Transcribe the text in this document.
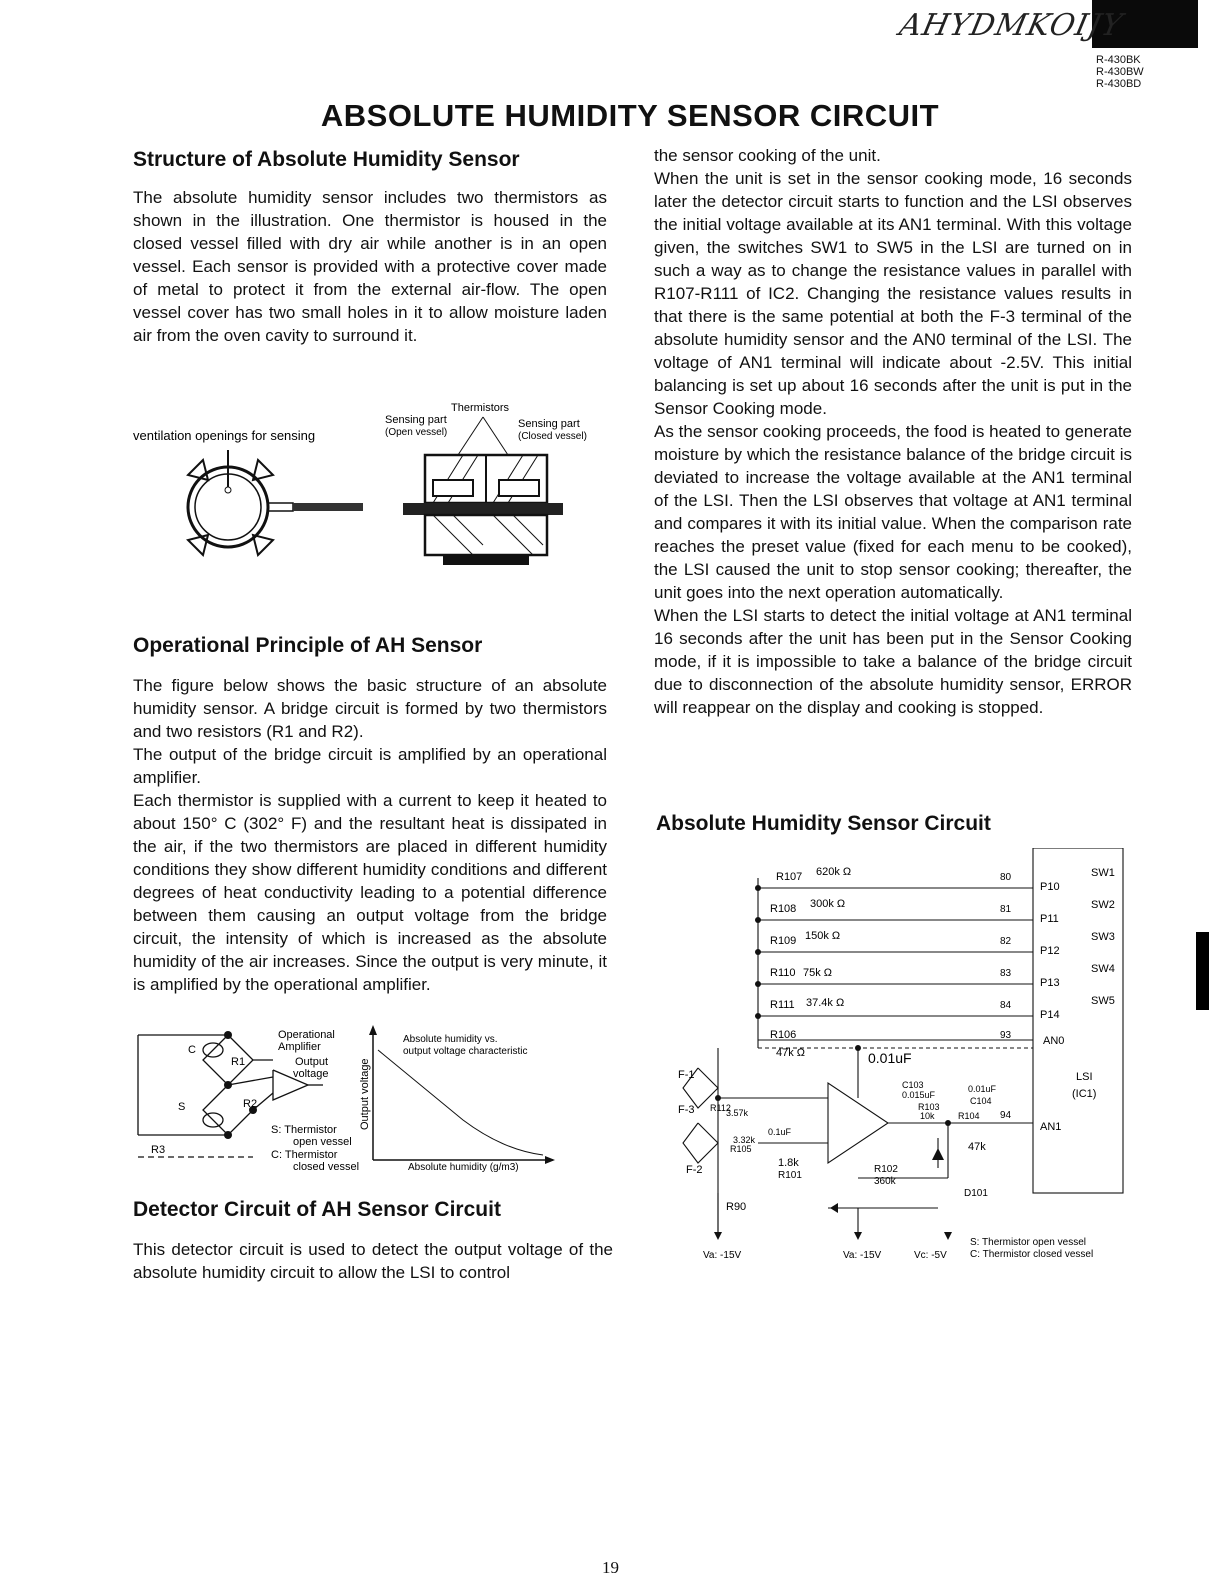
AHYDMKOIJY
R-430BK
R-430BW
R-430BD
ABSOLUTE HUMIDITY SENSOR CIRCUIT
Structure of Absolute Humidity Sensor

The absolute humidity sensor includes two thermistors as shown in the illustration. One thermistor is housed in the closed vessel filled with dry air while another is in an open vessel. Each sensor is provided with a protective cover made of metal to protect it from the external air-flow. The open vessel cover has two small holes in it to allow moisture laden air from the oven cavity to surround it.

ventilation openings for sensing
Thermistors
Sensing part
(Open vessel)
Sensing part
(Closed vessel)
Operational Principle of AH Sensor

The figure below shows the basic structure of an absolute humidity sensor. A bridge circuit is formed by two thermistors and two resistors (R1 and R2).

The output of the bridge circuit is amplified by an operational amplifier.

Each thermistor is supplied with a current to keep it heated to about 150° C (302° F) and the resultant heat is dissipated in the air, if the two thermistors are placed in different humidity conditions they show different humidity conditions and different degrees of heat conductivity leading to a potential difference between them causing an output voltage from the bridge circuit, the intensity of which is increased as the absolute humidity of the air increases. Since the output is very minute, it is amplified by the operational amplifier.

Operational
Amplifier
Output
voltage
R1
R2
R3
C
S
S: Thermistor
open vessel
C: Thermistor
closed vessel
Output voltage
Absolute humidity vs.
output voltage characteristic
Absolute humidity (g/m3)
Detector Circuit of AH Sensor Circuit

This detector circuit is used to detect the output voltage of the absolute humidity circuit to allow the LSI to control

the sensor cooking of the unit.

When the unit is set in the sensor cooking mode, 16 seconds later the detector circuit starts to function and the LSI observes the initial voltage available at its AN1 terminal. With this voltage given, the switches SW1 to SW5 in the LSI are turned on in such a way as to change the resistance values in parallel with R107-R111 of IC2. Changing the resistance values results in that there is the same potential at both the F-3 terminal of the absolute humidity sensor and the AN0 terminal of the LSI. The voltage of AN1 terminal will indicate about -2.5V. This initial balancing is set up about 16 seconds after the unit is put in the Sensor Cooking mode.

As the sensor cooking proceeds, the food is heated to generate moisture by which the resistance balance of the bridge circuit is deviated to increase the voltage available at the AN1 terminal of the LSI. Then the LSI observes that voltage at AN1 terminal and compares it with its initial value. When the comparison rate reaches the preset value (fixed for each menu to be cooked), the LSI caused the unit to stop sensor cooking; thereafter, the unit goes into the next operation automatically.

When the LSI starts to detect the initial voltage at AN1 terminal 16 seconds after the unit has been put in the Sensor Cooking mode, if it is impossible to take a balance of the bridge circuit due to disconnection of the absolute humidity sensor, ERROR will reappear on the display and cooking is stopped.

Absolute Humidity Sensor Circuit
R107 620k Ω	80
P10
SW1
R108 300k Ω	81
P11
SW2
R109 150k Ω	82
P12
SW3
R110 75k Ω	83
P13
SW4
R111 37.4k Ω	84
P14
SW5
R106
47k Ω
93	AN0
0.01uF
LSI
(IC1)
C103
0.015uF
0.01uF
C104
R103
10k	R104
47k
94
AN1
3.57k
R112
3.32k
R105
0.1uF
1.8k
R101
R102
360k
D101
F-1
F-3
F-2
R90
Va: -15V	Va: -15V	Vc: -5V
S: Thermistor open vessel
C: Thermistor closed vessel
19
